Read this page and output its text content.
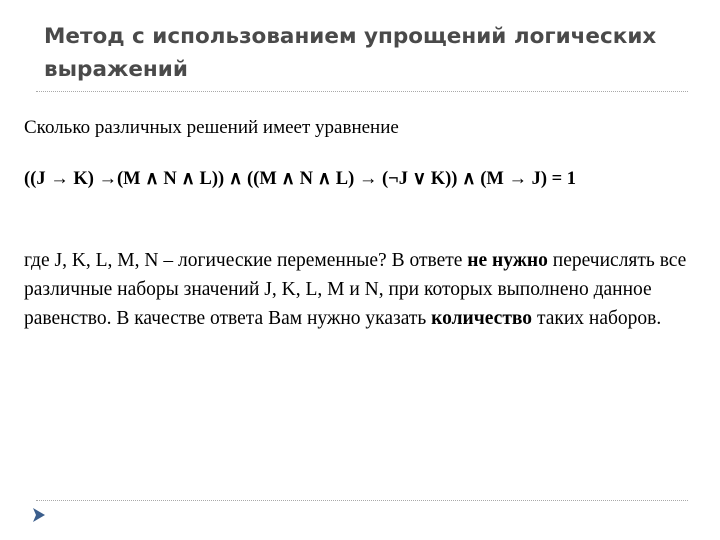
Метод с использованием упрощений логических выражений
Сколько различных решений имеет уравнение
((J → K) →(M ∧ N ∧ L)) ∧ ((M ∧ N ∧ L) → (¬J ∨ K)) ∧ (M → J) = 1
где J, K, L, M, N – логические переменные? В ответе не нужно перечислять все различные наборы значений J, K, L, M и N, при которых выполнено данное равенство. В качестве ответа Вам нужно указать количество таких наборов.
